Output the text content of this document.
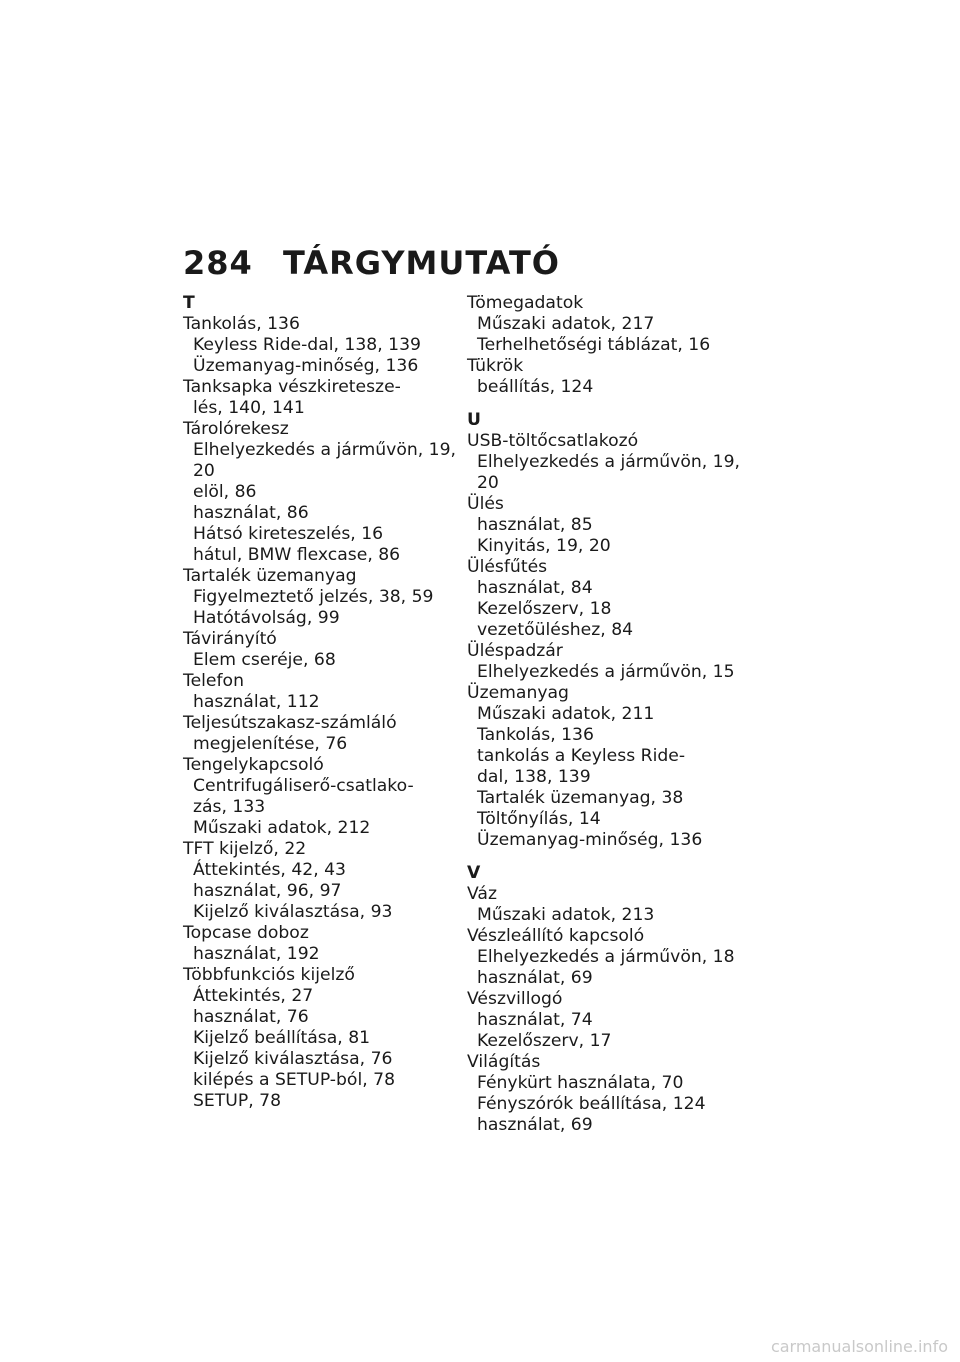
284 TÁRGYMUTATÓ
T
Tankolás, 136
Keyless Ride-dal, 138, 139
Üzemanyag-minőség, 136
Tanksapka vészkiretesze-
lés, 140, 141
Tárolórekesz
Elhelyezkedés a járművön, 19,
20
elöl, 86
használat, 86
Hátsó kireteszelés, 16
hátul, BMW flexcase, 86
Tartalék üzemanyag
Figyelmeztető jelzés, 38, 59
Hatótávolság, 99
Távirányító
Elem cseréje, 68
Telefon
használat, 112
Teljesútszakasz-számláló
megjelenítése, 76
Tengelykapcsoló
Centrifugáliserő-csatlako-
zás, 133
Műszaki adatok, 212
TFT kijelző, 22
Áttekintés, 42, 43
használat, 96, 97
Kijelző kiválasztása, 93
Topcase doboz
használat, 192
Többfunkciós kijelző
Áttekintés, 27
használat, 76
Kijelző beállítása, 81
Kijelző kiválasztása, 76
kilépés a SETUP-ból, 78
SETUP, 78
Tömegadatok
Műszaki adatok, 217
Terhelhetőségi táblázat, 16
Tükrök
beállítás, 124
U
USB-töltőcsatlakozó
Elhelyezkedés a járművön, 19,
20
Ülés
használat, 85
Kinyitás, 19, 20
Ülésfűtés
használat, 84
Kezelőszerv, 18
vezetőüléshez, 84
Üléspadzár
Elhelyezkedés a járművön, 15
Üzemanyag
Műszaki adatok, 211
Tankolás, 136
tankolás a Keyless Ride-
dal, 138, 139
Tartalék üzemanyag, 38
Töltőnyílás, 14
Üzemanyag-minőség, 136
V
Váz
Műszaki adatok, 213
Vészleállító kapcsoló
Elhelyezkedés a járművön, 18
használat, 69
Vészvillogó
használat, 74
Kezelőszerv, 17
Világítás
Fénykürt használata, 70
Fényszórók beállítása, 124
használat, 69
carmanualsonline.info
